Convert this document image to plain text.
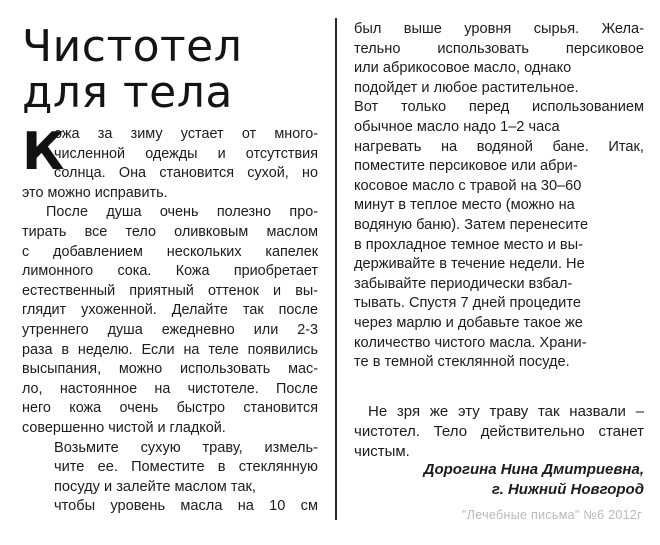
Чистотел
для тела
К
ожа за зиму устает от много-
численной одежды и отсутствия
солнца. Она становится сухой, но
это можно исправить.
После душа очень полезно про-
тирать все тело оливковым маслом
с добавлением нескольких капелек
лимонного сока. Кожа приобретает
естественный приятный оттенок и вы-
глядит ухоженной. Делайте так после
утреннего душа ежедневно или 2-3
раза в неделю. Если на теле появились
высыпания, можно использовать мас-
ло, настоянное на чистотеле. После
него кожа очень быстро становится
совершенно чистой и гладкой.
Возьмите сухую траву, измель-
чите ее. Поместите в стеклянную
посуду и залейте маслом так,
чтобы уровень масла на 10 см
был выше уровня сырья. Жела-
тельно использовать персиковое
или абрикосовое масло, однако
подойдет и любое растительное.
Вот только перед использованием
обычное масло надо 1–2 часа
нагревать на водяной бане. Итак,
поместите персиковое или абри-
косовое масло с травой на 30–60
минут в теплое место (можно на
водяную баню). Затем перенесите
в прохладное темное место и вы-
держивайте в течение недели. Не
забывайте периодически взбал-
тывать. Спустя 7 дней процедите
через марлю и добавьте такое же
количество чистого масла. Храни-
те в темной стеклянной посуде.
Не зря же эту траву так назвали –
чистотел. Тело действительно станет
чистым.
Дорогина Нина Дмитриевна,
г. Нижний Новгород
"Лечебные письма" №6 2012г
